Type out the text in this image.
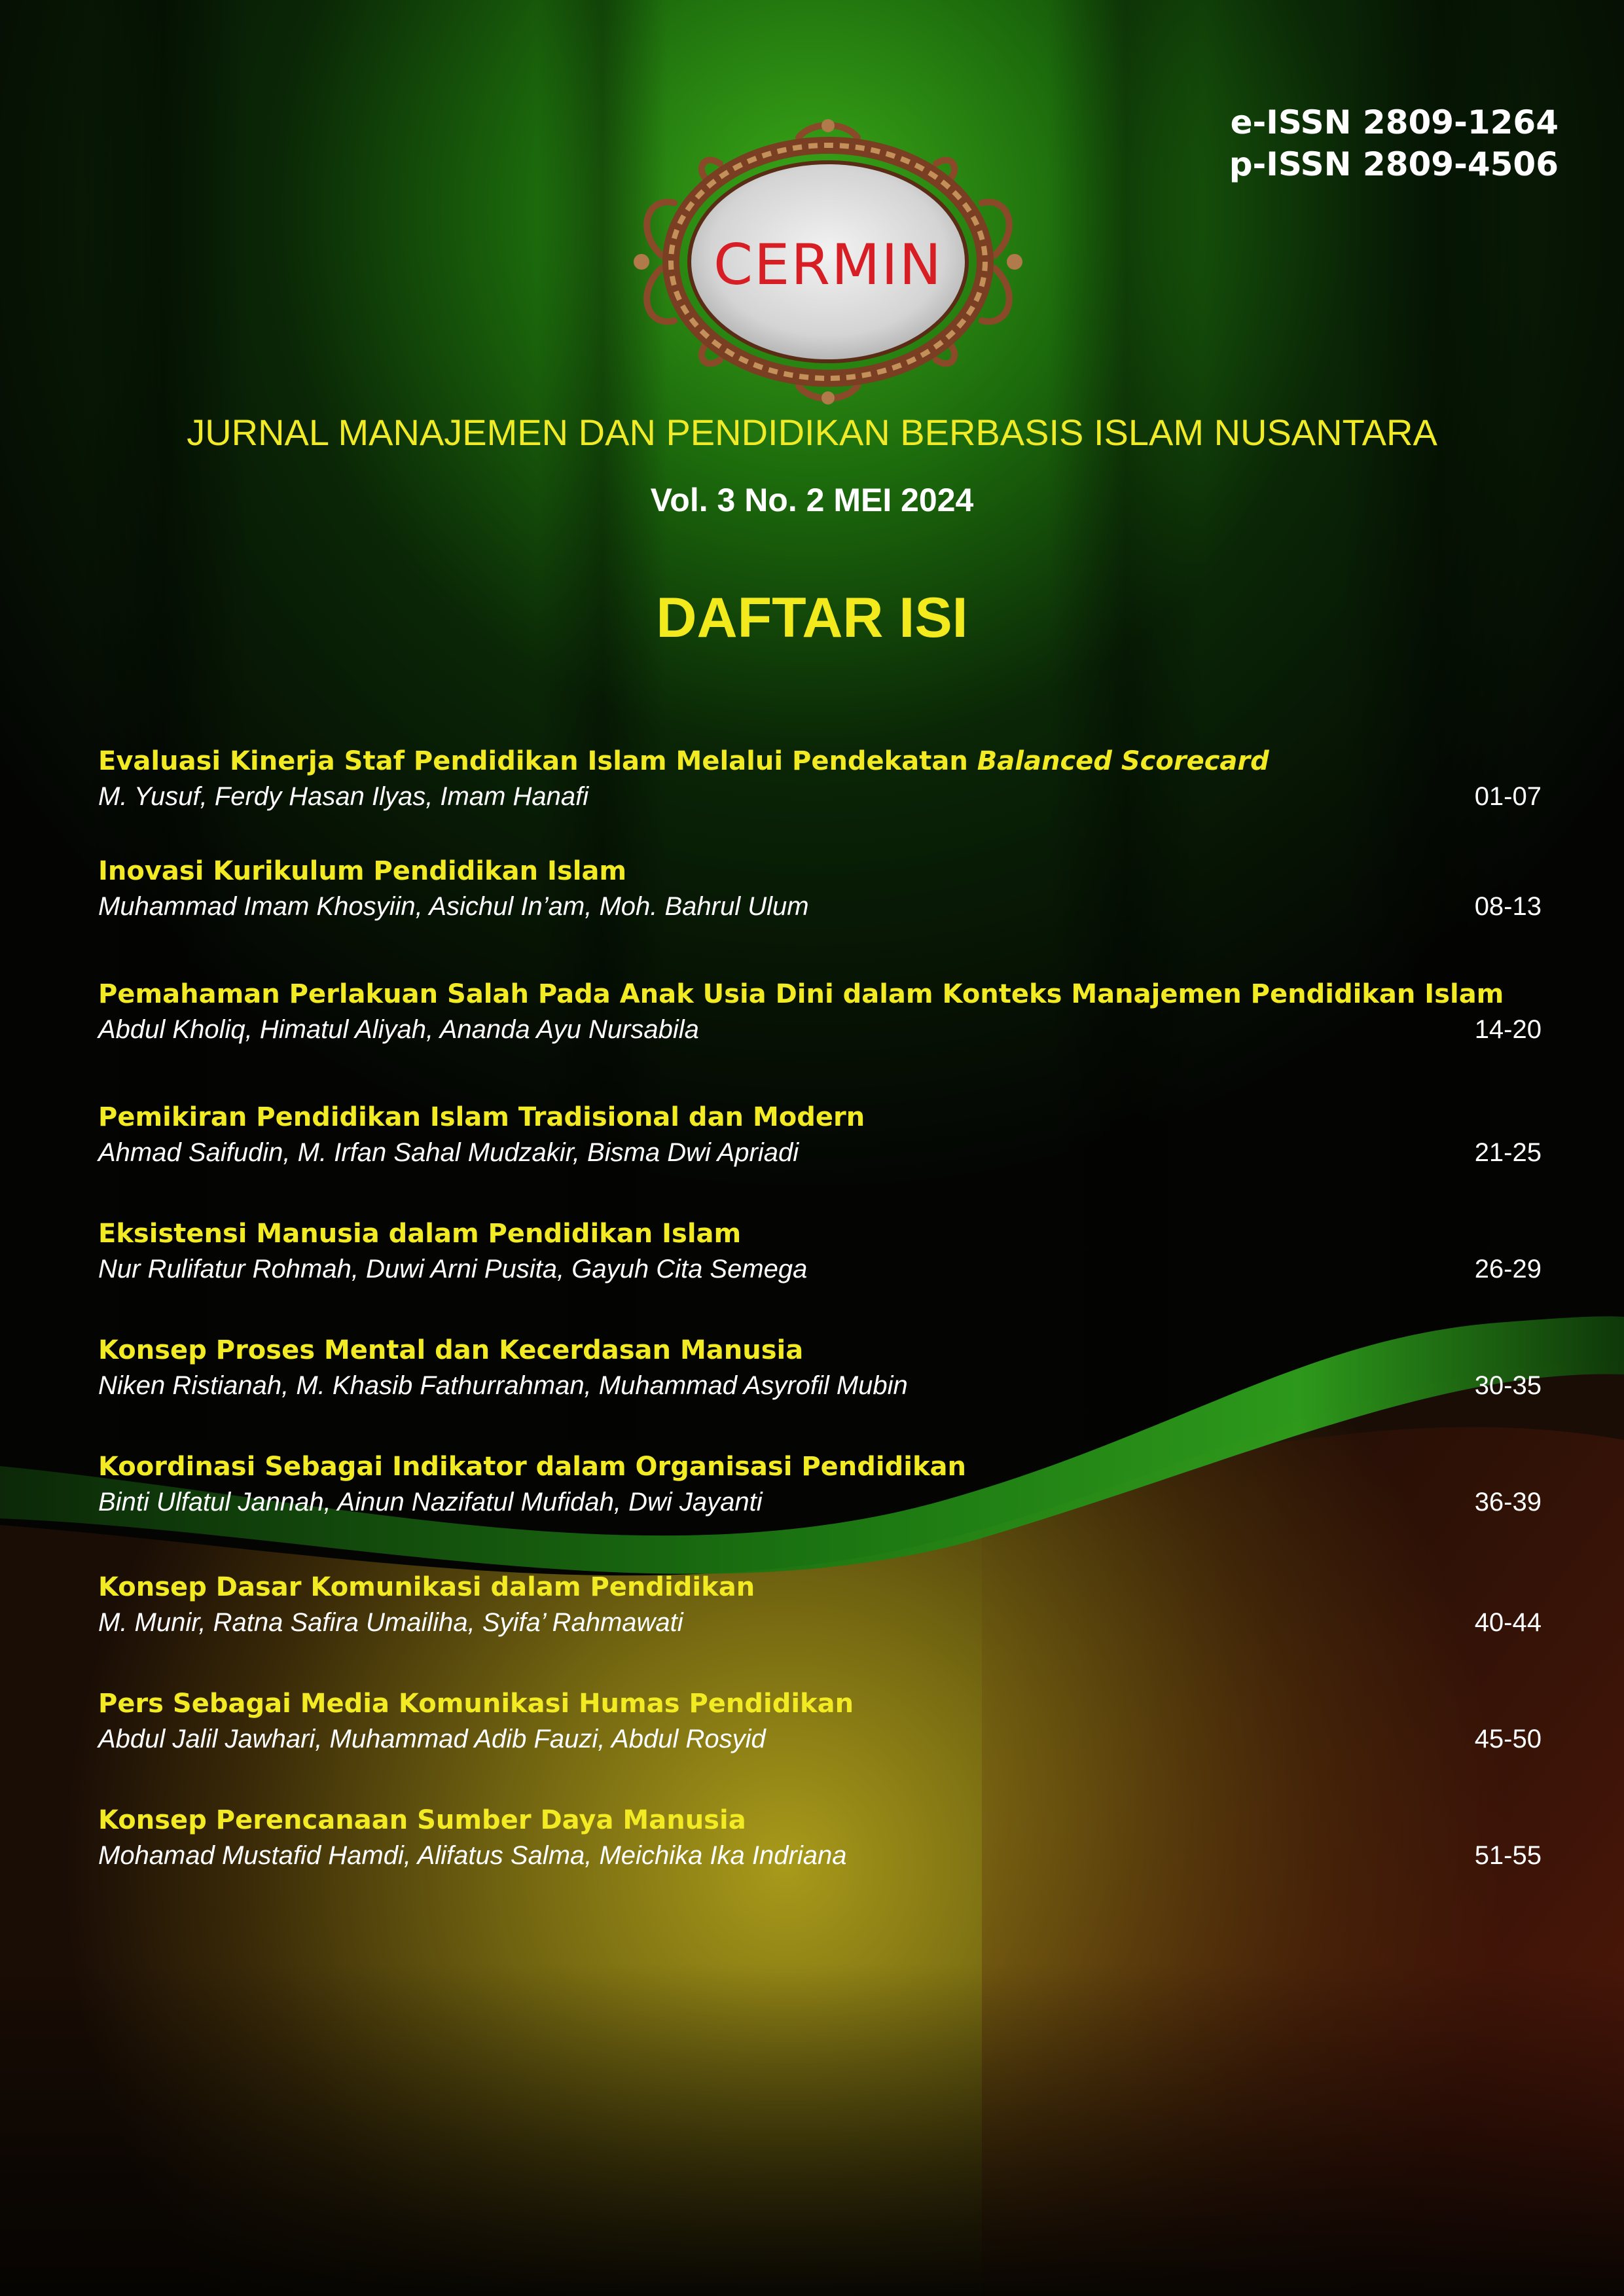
e-ISSN 2809-1264
p-ISSN 2809-4506
CERMIN
JURNAL MANAJEMEN DAN PENDIDIKAN BERBASIS ISLAM NUSANTARA
Vol. 3 No. 2 MEI 2024
DAFTAR ISI
Evaluasi Kinerja Staf Pendidikan Islam Melalui Pendekatan Balanced Scorecard
M. Yusuf, Ferdy Hasan Ilyas, Imam Hanafi	01-07
Inovasi Kurikulum Pendidikan Islam
Muhammad Imam Khosyiin, Asichul In’am, Moh. Bahrul Ulum	08-13
Pemahaman Perlakuan Salah Pada Anak Usia Dini dalam Konteks Manajemen Pendidikan Islam
Abdul Kholiq, Himatul Aliyah, Ananda Ayu Nursabila	14-20
Pemikiran Pendidikan Islam Tradisional dan Modern
Ahmad Saifudin, M. Irfan Sahal Mudzakir, Bisma Dwi Apriadi	21-25
Eksistensi Manusia dalam Pendidikan Islam
Nur Rulifatur Rohmah, Duwi Arni Pusita, Gayuh Cita Semega	26-29
Konsep Proses Mental dan Kecerdasan Manusia
Niken Ristianah, M. Khasib Fathurrahman, Muhammad Asyrofil Mubin	30-35
Koordinasi Sebagai Indikator dalam Organisasi Pendidikan
Binti Ulfatul Jannah, Ainun Nazifatul Mufidah, Dwi Jayanti	36-39
Konsep Dasar Komunikasi dalam Pendidikan
M. Munir, Ratna Safira Umailiha, Syifa’ Rahmawati	40-44
Pers Sebagai Media Komunikasi Humas Pendidikan
Abdul Jalil Jawhari, Muhammad Adib Fauzi, Abdul Rosyid	45-50
Konsep Perencanaan Sumber Daya Manusia
Mohamad Mustafid Hamdi, Alifatus Salma, Meichika Ika Indriana	51-55
